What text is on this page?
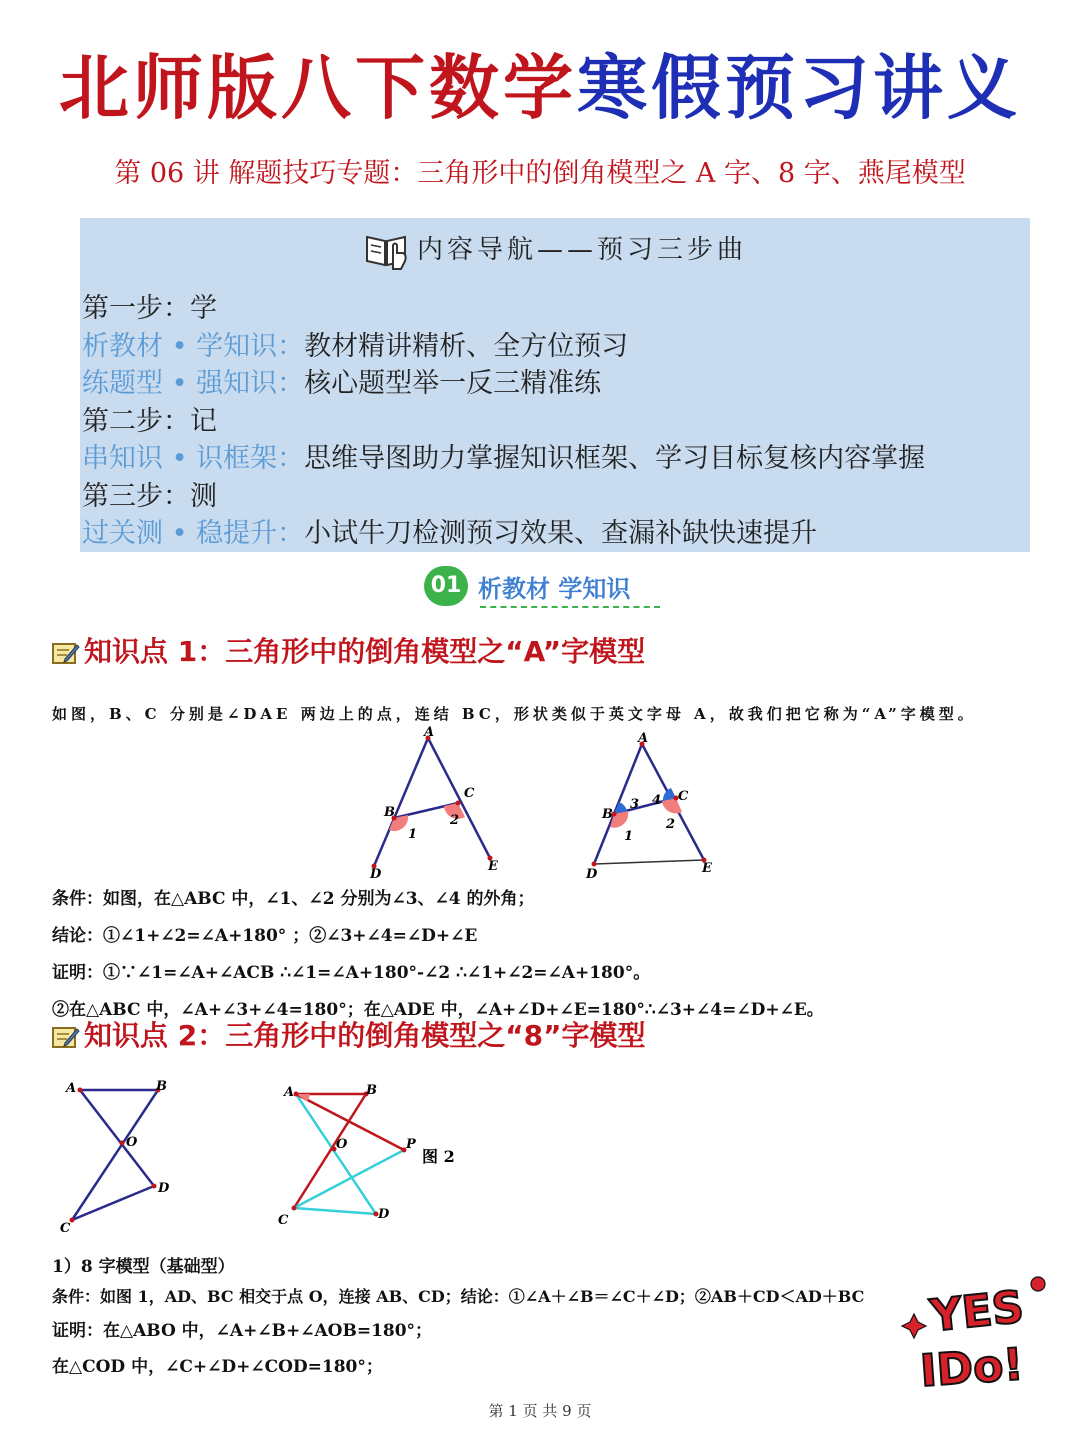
北师版八下数学寒假预习讲义
第 06 讲 解题技巧专题：三角形中的倒角模型之 A 字、8 字、燕尾模型
内容导航——预习三步曲
第一步：学
析教材 • 学知识：教材精讲精析、全方位预习
练题型 • 强知识：核心题型举一反三精准练
第二步：记
串知识 • 识框架：思维导图助力掌握知识框架、学习目标复核内容掌握
第三步：测
过关测 • 稳提升：小试牛刀检测预习效果、查漏补缺快速提升
01 析教材 学知识
知识点 1：三角形中的倒角模型之“A”字模型
如图，B、C 分别是∠DAE 两边上的点，连结 BC，形状类似于英文字母 A，故我们把它称为“A”字模型。
A
B
C
D
E
1
2
A
B
C
D	E
1
2
3 4
条件：如图，在△ABC 中，∠1、∠2 分别为∠3、∠4 的外角；
结论：①∠1+∠2=∠A+180° ；②∠3+∠4=∠D+∠E
证明：①∵∠1=∠A+∠ACB ∴∠1=∠A+180°-∠2 ∴∠1+∠2=∠A+180°。
②在△ABC 中，∠A+∠3+∠4=180°；在△ADE 中，∠A+∠D+∠E=180°∴∠3+∠4=∠D+∠E。
知识点 2：三角形中的倒角模型之“8”字模型
A	B
O
C
D
A	B
O	P
C	D
图 2
1）8 字模型（基础型）
条件：如图 1，AD、BC 相交于点 O，连接 AB、CD；结论：①∠A＋∠B＝∠C＋∠D；②AB＋CD＜AD＋BC
证明：在△ABO 中，∠A+∠B+∠AOB=180°；
在△COD 中，∠C+∠D+∠COD=180°；
YES
IDo!
第 1 页 共 9 页
